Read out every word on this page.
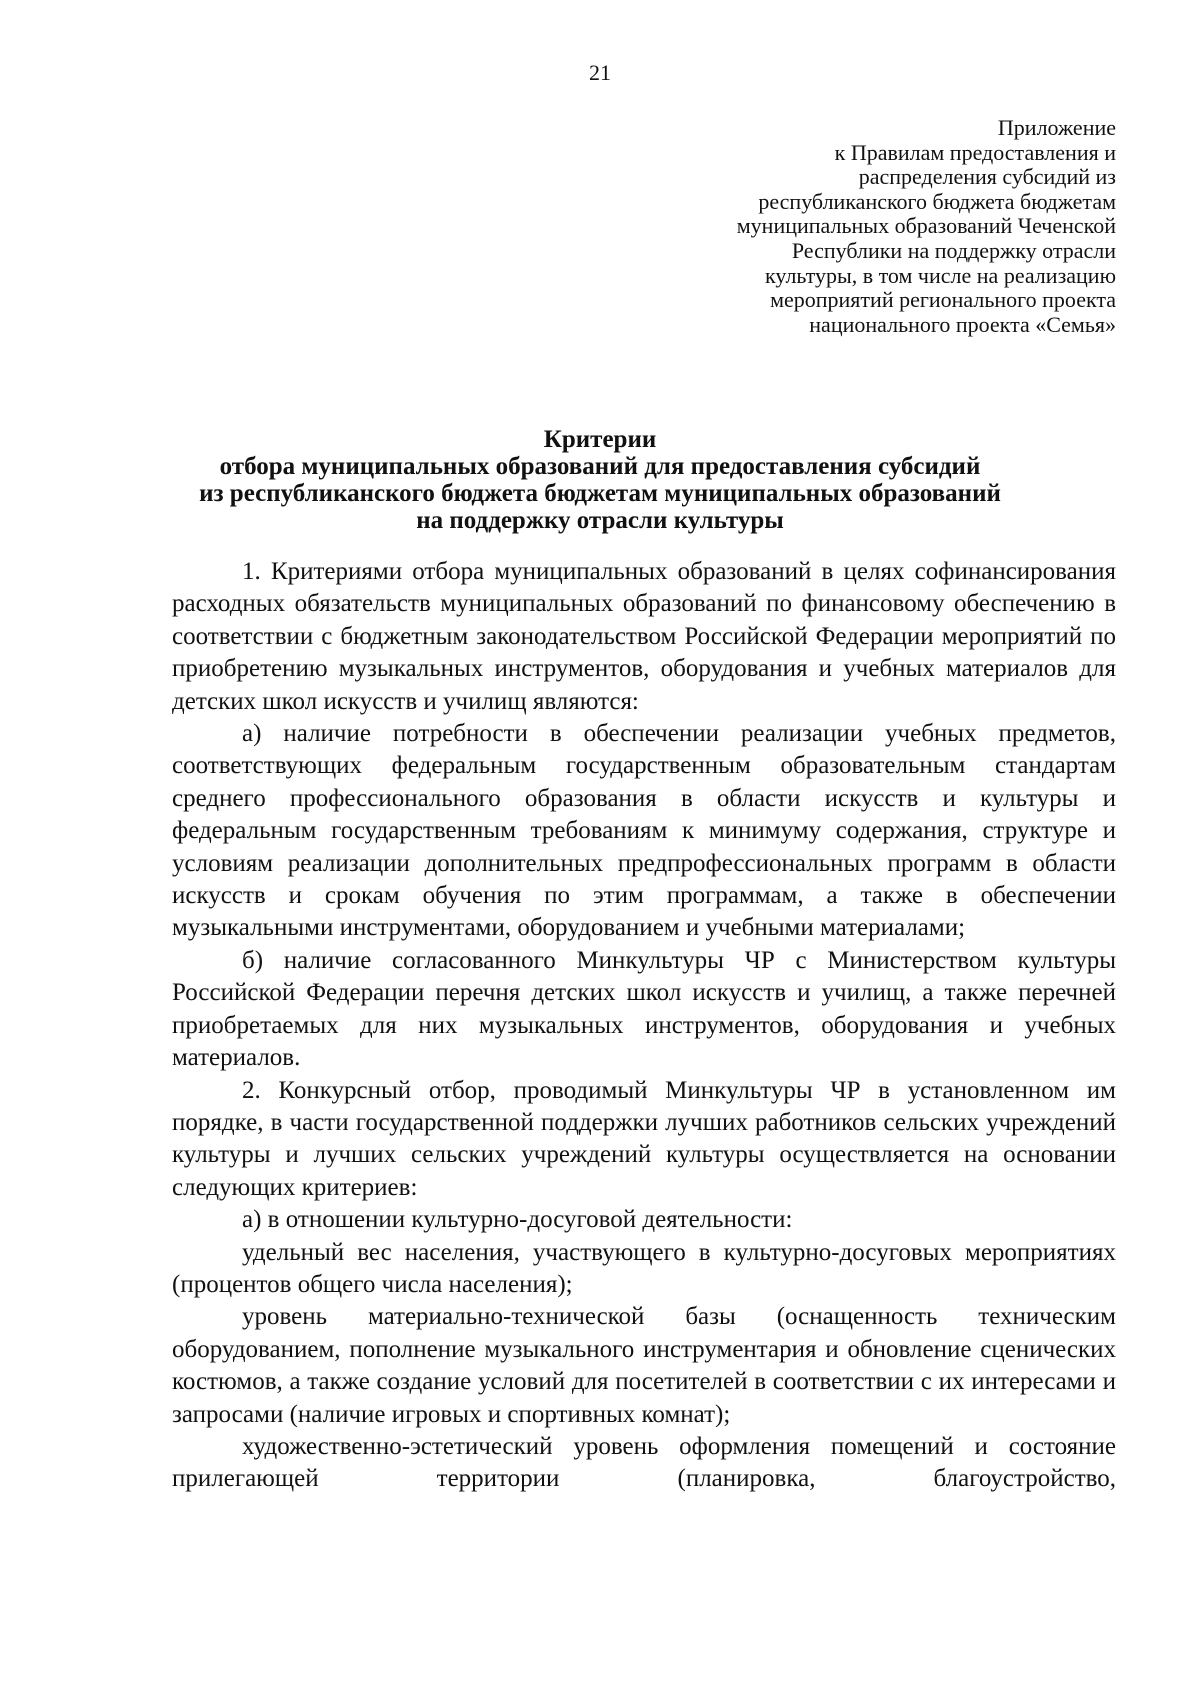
21
Приложение
к Правилам предоставления и
распределения субсидий из
республиканского бюджета бюджетам
муниципальных образований Чеченской
Республики на поддержку отрасли
культуры, в том числе на реализацию
мероприятий регионального проекта
национального проекта «Семья»
Критерии
отбора муниципальных образований для предоставления субсидий
из республиканского бюджета бюджетам муниципальных образований
на поддержку отрасли культуры

1. Критериями отбора муниципальных образований в целях софинансирования расходных обязательств муниципальных образований по финансовому обеспечению в соответствии с бюджетным законодательством Российской Федерации мероприятий по приобретению музыкальных инструментов, оборудования и учебных материалов для детских школ искусств и училищ являются:

а) наличие потребности в обеспечении реализации учебных предметов, соответствующих федеральным государственным образовательным стандартам среднего профессионального образования в области искусств и культуры и федеральным государственным требованиям к минимуму содержания, структуре и условиям реализации дополнительных предпрофессиональных программ в области искусств и срокам обучения по этим программам, а также в обеспечении музыкальными инструментами, оборудованием и учебными материалами;

б) наличие согласованного Минкультуры ЧР с Министерством культуры Российской Федерации перечня детских школ искусств и училищ, а также перечней приобретаемых для них музыкальных инструментов, оборудования и учебных материалов.

2. Конкурсный отбор, проводимый Минкультуры ЧР в установленном им порядке, в части государственной поддержки лучших работников сельских учреждений культуры и лучших сельских учреждений культуры осуществляется на основании следующих критериев:

а) в отношении культурно-досуговой деятельности:

удельный вес населения, участвующего в культурно-досуговых мероприятиях (процентов общего числа населения);

уровень материально-технической базы (оснащенность техническим оборудованием, пополнение музыкального инструментария и обновление сценических костюмов, а также создание условий для посетителей в соответствии с их интересами и запросами (наличие игровых и спортивных комнат);

художественно-эстетический уровень оформления помещений и состояние прилегающей территории (планировка, благоустройство,
